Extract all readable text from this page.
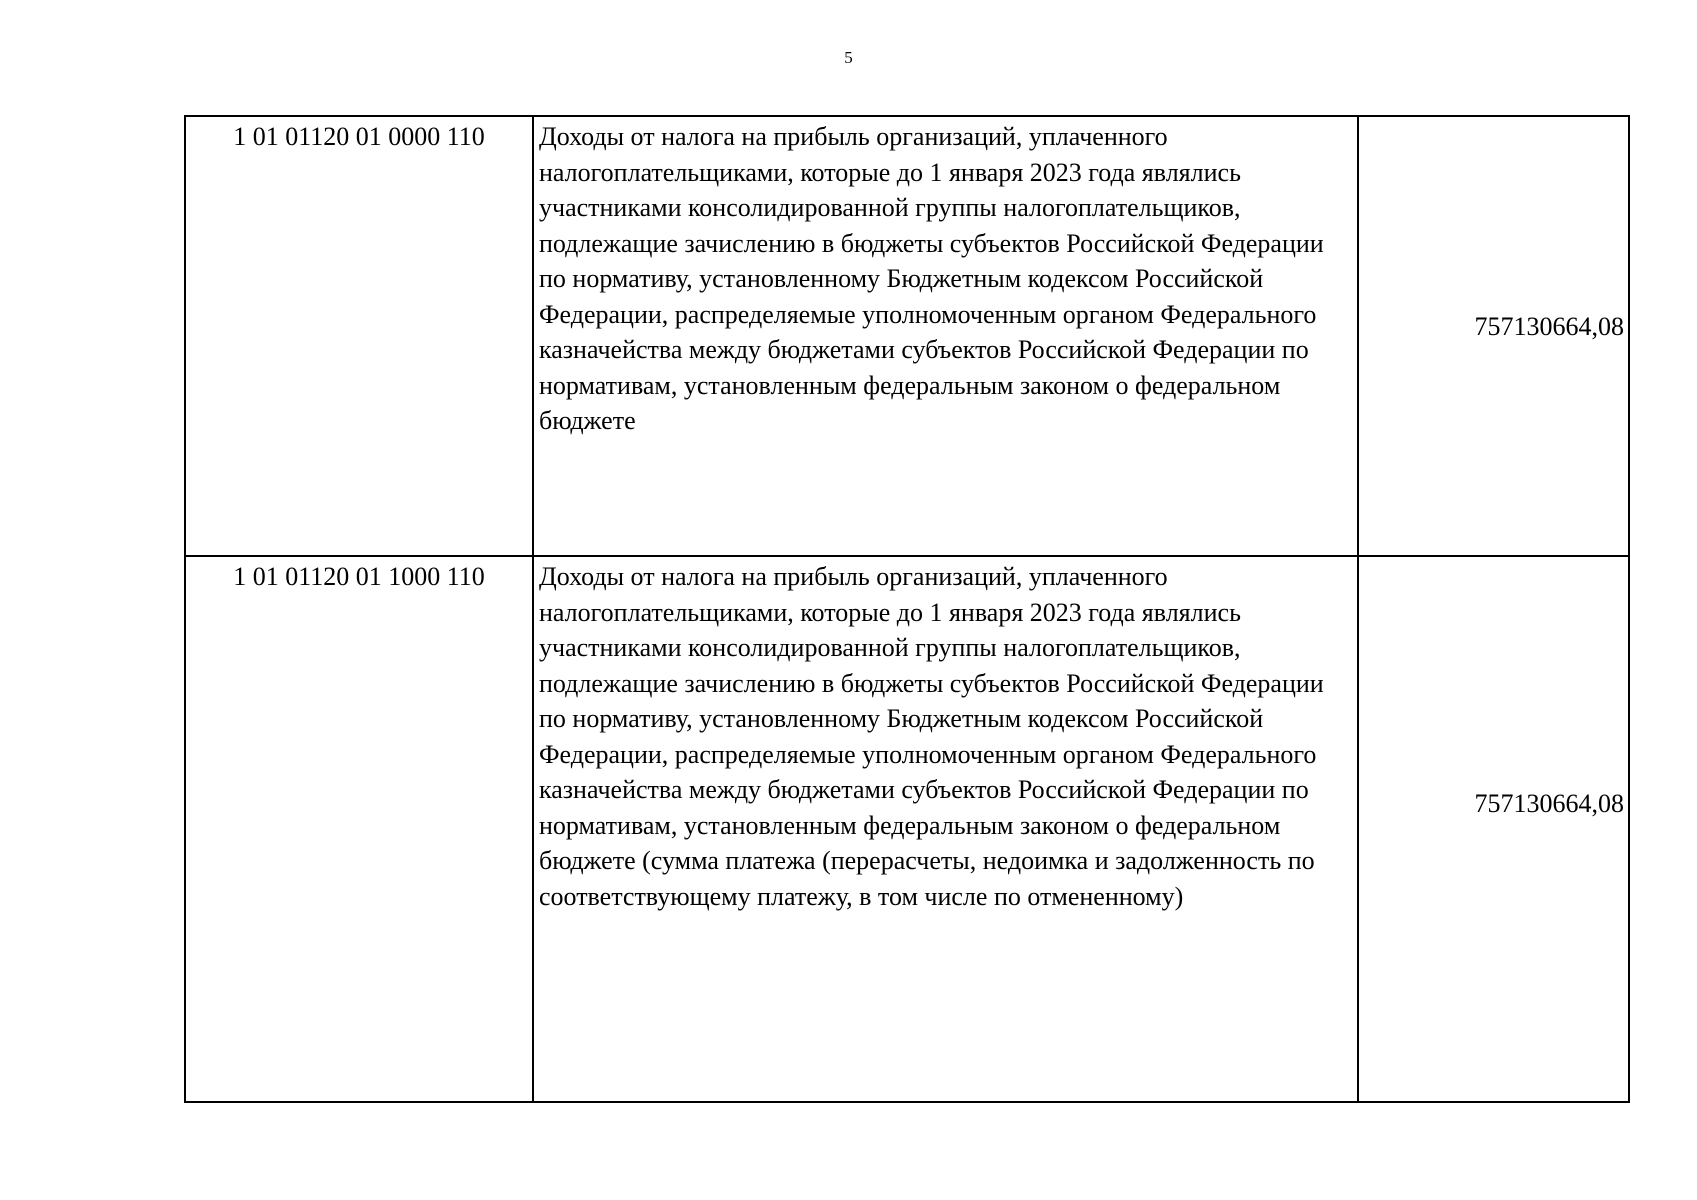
5
1 01 01120 01 0000 110	Доходы от налога на прибыль организаций, уплаченного налогоплательщиками, которые до 1 января 2023 года являлись участниками консолидированной группы налогоплательщиков, подлежащие зачислению в бюджеты субъектов Российской Федерации по нормативу, установленному Бюджетным кодексом Российской Федерации, распределяемые уполномоченным органом Федерального казначейства между бюджетами субъектов Российской Федерации по нормативам, установленным федеральным законом о федеральном бюджете	757130664,08
1 01 01120 01 1000 110	Доходы от налога на прибыль организаций, уплаченного налогоплательщиками, которые до 1 января 2023 года являлись участниками консолидированной группы налогоплательщиков, подлежащие зачислению в бюджеты субъектов Российской Федерации по нормативу, установленному Бюджетным кодексом Российской Федерации, распределяемые уполномоченным органом Федерального казначейства между бюджетами субъектов Российской Федерации по нормативам, установленным федеральным законом о федеральном бюджете (сумма платежа (перерасчеты, недоимка и задолженность по соответствующему платежу, в том числе по отмененному)	757130664,08
